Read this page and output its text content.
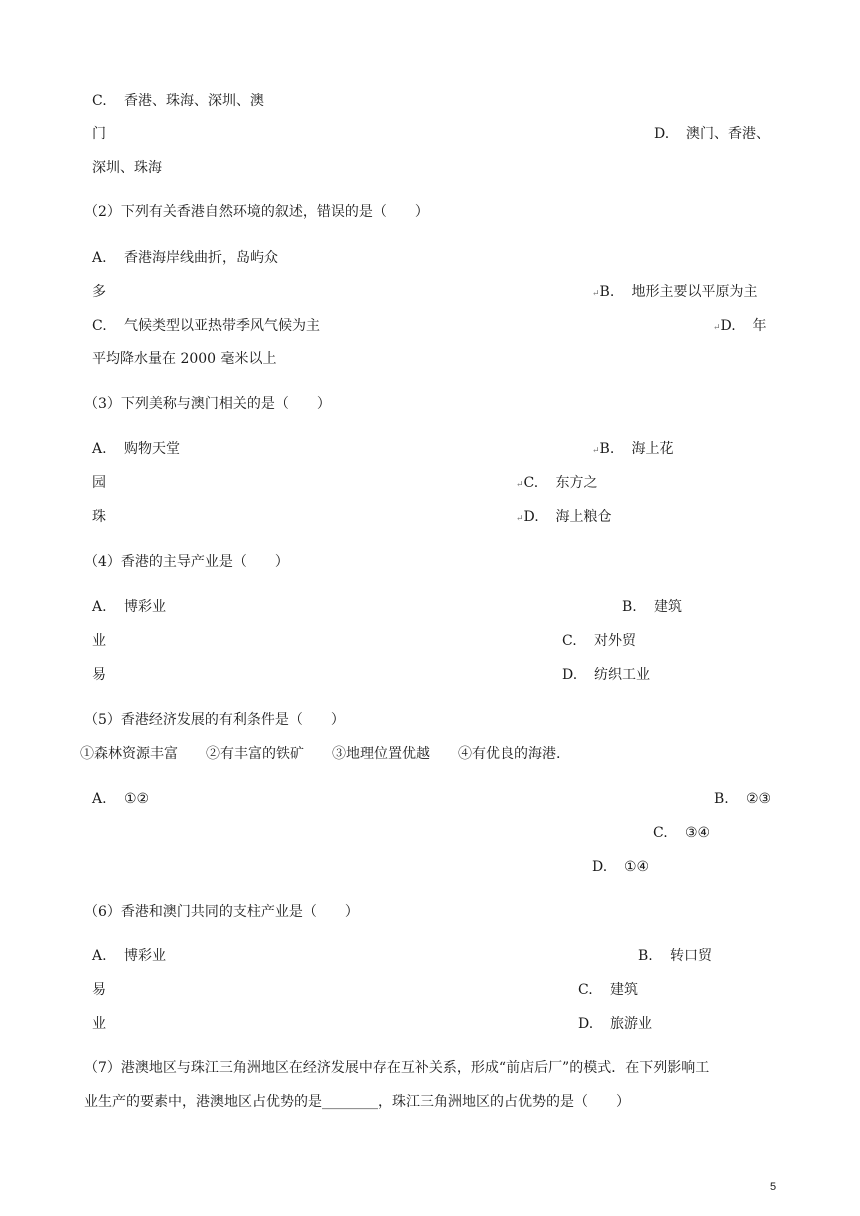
C. 香港、珠海、深圳、澳
门	D. 澳门、香港、
深圳、珠海
（2）下列有关香港自然环境的叙述，错误的是（　　）
A. 香港海岸线曲折，岛屿众
多	↵B. 地形主要以平原为主
C. 气候类型以亚热带季风气候为主	↵D. 年
平均降水量在 2000 毫米以上
（3）下列美称与澳门相关的是（　　）
A. 购物天堂	↵B. 海上花
园	↵C. 东方之
珠	↵D. 海上粮仓
（4）香港的主导产业是（　　）
A. 博彩业	B. 建筑
业	C. 对外贸
易	D. 纺织工业
（5）香港经济发展的有利条件是（　　）
①森林资源丰富　　②有丰富的铁矿　　③地理位置优越　　④有优良的海港.
A. ①②	B. ②③
C. ③④
D. ①④
（6）香港和澳门共同的支柱产业是（　　）
A. 博彩业	B. 转口贸
易	C. 建筑
业	D. 旅游业
（7）港澳地区与珠江三角洲地区在经济发展中存在互补关系，形成“前店后厂”的模式．在下列影响工
业生产的要素中，港澳地区占优势的是________，珠江三角洲地区的占优势的是（　　）
5
